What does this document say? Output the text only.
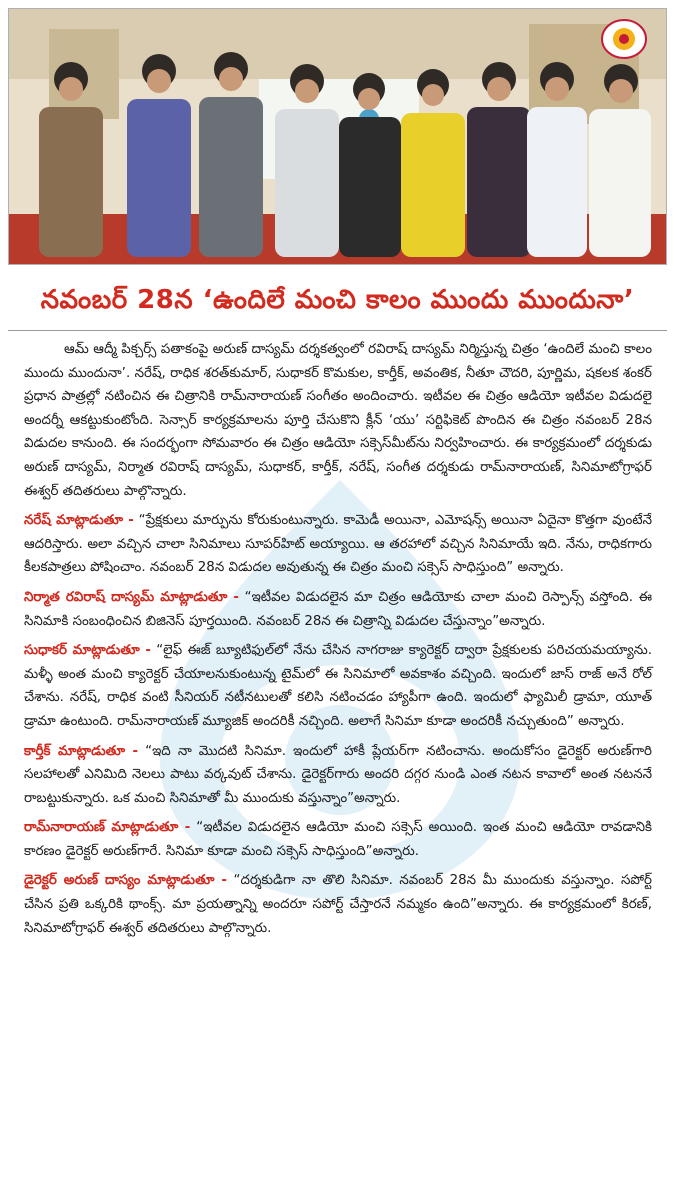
నవంబర్ 28న ‘ఉందిలే మంచి కాలం ముందు ముందునా’

ఆమ్ ఆద్మీ పిక్చర్స్ పతాకంపై అరుణ్ దాస్యమ్ దర్శకత్వంలో రవిరాష్ దాస్యమ్ నిర్మిస్తున్న చిత్రం ‘ఉందిలే మంచి కాలం ముందు ముందునా’. నరేష్, రాధిక శరత్‌కుమార్, సుధాకర్ కొమకుల, కార్తీక్, అవంతిక, నీతూ చౌదరి, పూర్ణిమ, షకలక శంకర్ ప్రధాన పాత్రల్లో నటించిన ఈ చిత్రానికి రామ్‌నారాయణ్ సంగీతం అందించారు. ఇటీవల ఈ చిత్రం ఆడియో ఇటీవల విడుదలై అందర్నీ ఆకట్టుకుంటోంది. సెన్సార్ కార్యక్రమాలను పూర్తి చేసుకొని క్లీన్ ‘యు’ సర్టిఫికెట్ పొందిన ఈ చిత్రం నవంబర్ 28న విడుదల కానుంది. ఈ సందర్భంగా సోమవారం ఈ చిత్రం ఆడియో సక్సెస్‌మీట్‌ను నిర్వహించారు. ఈ కార్యక్రమంలో దర్శకుడు అరుణ్ దాస్యమ్, నిర్మాత రవిరాష్ దాస్యమ్, సుధాకర్, కార్తీక్, నరేష్, సంగీత దర్శకుడు రామ్‌నారాయణ్, సినిమాటోగ్రాఫర్ ఈశ్వర్ తదితరులు పాల్గొన్నారు.

నరేష్ మాట్లాడుతూ - “ప్రేక్షకులు మార్పును కోరుకుంటున్నారు. కామెడీ అయినా, ఎమోషన్స్ అయినా ఏదైనా కొత్తగా వుంటేనే ఆదరిస్తారు. అలా వచ్చిన చాలా సినిమాలు సూపర్‌హిట్ అయ్యాయి. ఆ తరహాలో వచ్చిన సినిమాయే ఇది. నేను, రాధికగారు కీలకపాత్రలు పోషించాం. నవంబర్ 28న విడుదల అవుతున్న ఈ చిత్రం మంచి సక్సెస్ సాధిస్తుంది” అన్నారు.

నిర్మాత రవిరాష్ దాస్యమ్ మాట్లాడుతూ - “ఇటీవల విడుదలైన మా చిత్రం ఆడియోకు చాలా మంచి రెస్పాన్స్ వస్తోంది. ఈ సినిమాకి సంబంధించిన బిజినెస్ పూర్తయింది. నవంబర్ 28న ఈ చిత్రాన్ని విడుదల చేస్తున్నాం”అన్నారు.

సుధాకర్ మాట్లాడుతూ - “లైఫ్ ఈజ్ బ్యూటిఫుల్‌లో నేను చేసిన నాగరాజు క్యారెక్టర్ ద్వారా ప్రేక్షకులకు పరిచయమయ్యాను. మళ్ళీ అంత మంచి క్యారెక్టర్ చేయాలనుకుంటున్న టైమ్‌లో ఈ సినిమాలో అవకాశం వచ్చింది. ఇందులో జాస్ రాజ్ అనే రోల్ చేశాను. నరేష్, రాధిక వంటి సీనియర్ నటీనటులతో కలిసి నటించడం హ్యాపీగా ఉంది. ఇందులో ఫ్యామిలీ డ్రామా, యూత్ డ్రామా ఉంటుంది. రామ్‌నారాయణ్ మ్యూజిక్ అందరికీ నచ్చింది. అలాగే సినిమా కూడా అందరికీ నచ్చుతుంది” అన్నారు.

కార్తీక్ మాట్లాడుతూ - “ఇది నా మొదటి సినిమా. ఇందులో హాకీ ప్లేయర్‌గా నటించాను. అందుకోసం డైరెక్టర్ అరుణ్‌గారి సలహాలతో ఎనిమిది నెలలు పాటు వర్కవుట్ చేశాను. డైరెక్టర్‌గారు అందరి దగ్గర నుండి ఎంత నటన కావాలో అంత నటననే రాబట్టుకున్నారు. ఒక మంచి సినిమాతో మీ ముందుకు వస్తున్నాం”అన్నారు.

రామ్‌నారాయణ్ మాట్లాడుతూ - “ఇటీవల విడుదలైన ఆడియో మంచి సక్సెస్ అయింది. ఇంత మంచి ఆడియో రావడానికి కారణం డైరెక్టర్ అరుణ్‌గారే. సినిమా కూడా మంచి సక్సెస్ సాధిస్తుంది”అన్నారు.

డైరెక్టర్ అరుణ్ దాస్యం మాట్లాడుతూ - “దర్శకుడిగా నా తొలి సినిమా. నవంబర్ 28న మీ ముందుకు వస్తున్నాం. సపోర్ట్ చేసిన ప్రతి ఒక్కరికి థాంక్స్. మా ప్రయత్నాన్ని అందరూ సపోర్ట్ చేస్తారనే నమ్మకం ఉంది”అన్నారు. ఈ కార్యక్రమంలో కిరణ్, సినిమాటోగ్రాఫర్ ఈశ్వర్ తదితరులు పాల్గొన్నారు.
